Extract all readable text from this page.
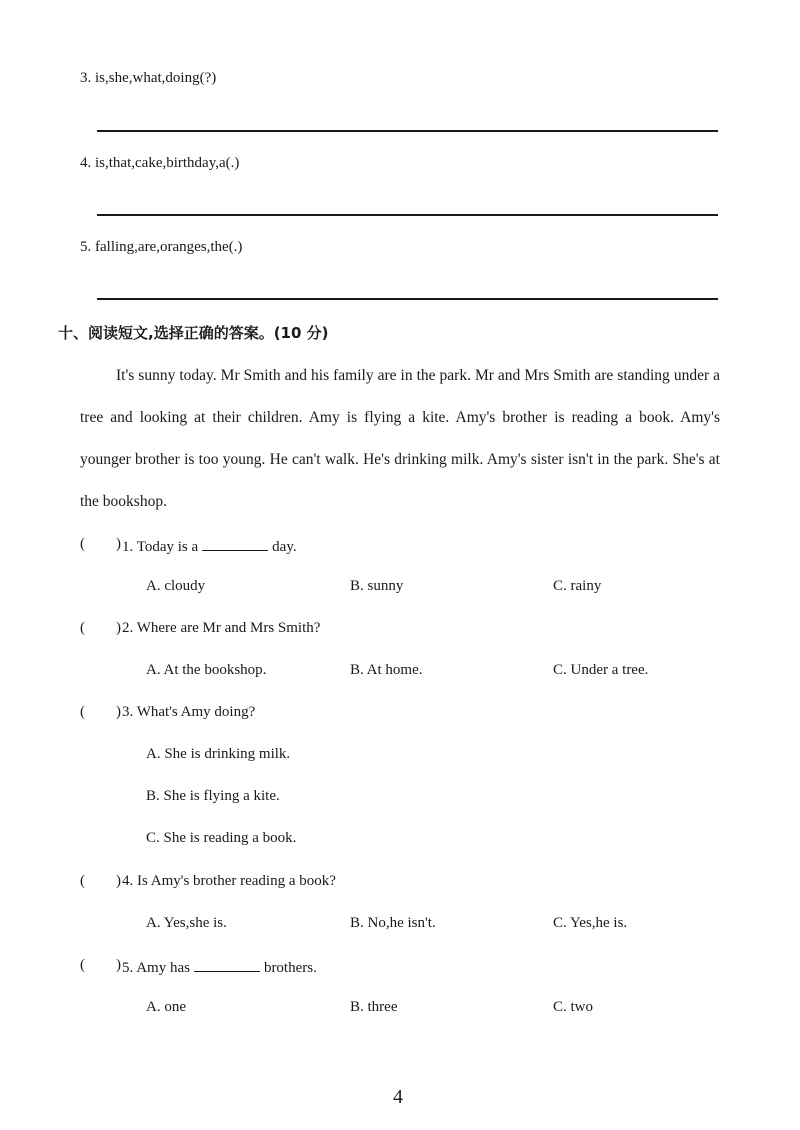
3. is,she,what,doing(?)
4. is,that,cake,birthday,a(.)
5. falling,are,oranges,the(.)
十、阅读短文,选择正确的答案。(10 分)
It's sunny today. Mr Smith and his family are in the park. Mr and Mrs Smith are standing under a tree and looking at their children. Amy is flying a kite. Amy's brother is reading a book. Amy's younger brother is too young. He can't walk. He's drinking milk. Amy's sister isn't in the park. She's at the bookshop.
( ) 1. Today is a	day.
A. cloudy	B. sunny	C. rainy
( ) 2. Where are Mr and Mrs Smith?
A. At the bookshop.	B. At home.	C. Under a tree.
( ) 3. What's Amy doing?
A. She is drinking milk.
B. She is flying a kite.
C. She is reading a book.
( ) 4. Is Amy's brother reading a book?
A. Yes,she is.	B. No,he isn't.	C. Yes,he is.
( ) 5. Amy has	brothers.
A. one	B. three	C. two
4
